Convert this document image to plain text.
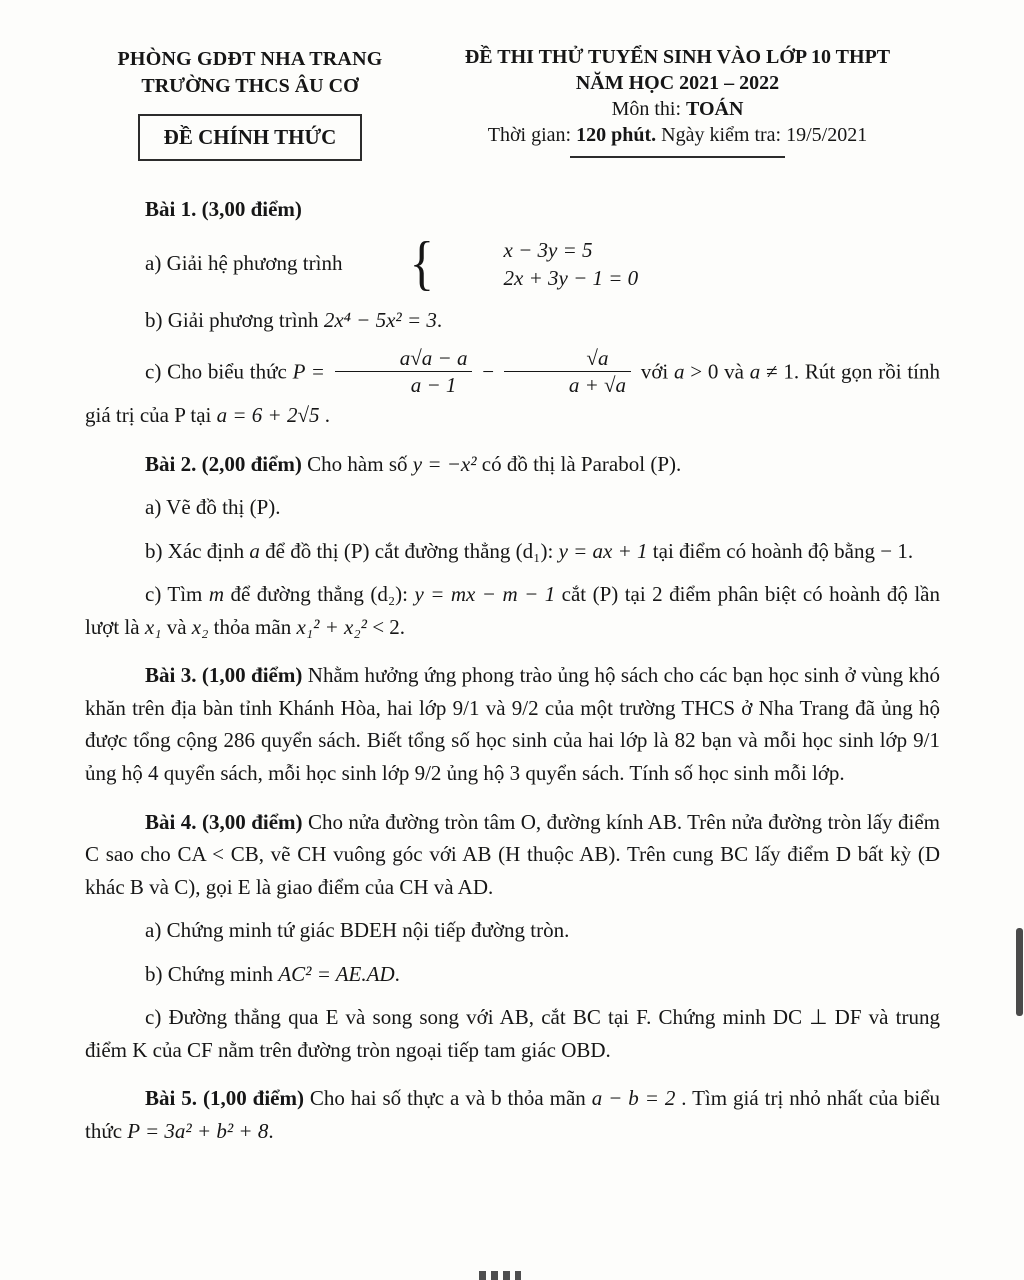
PHÒNG GDĐT NHA TRANG
TRƯỜNG THCS ÂU CƠ
ĐỀ CHÍNH THỨC
ĐỀ THI THỬ TUYỂN SINH VÀO LỚP 10 THPT
NĂM HỌC 2021 – 2022
Môn thi: TOÁN
Thời gian: 120 phút. Ngày kiểm tra: 19/5/2021

Bài 1. (3,00 điểm)

a) Giải hệ phương trình	{	x − 3y = 5
2x + 3y − 1 = 0

b) Giải phương trình 2x⁴ − 5x² = 3.

c) Cho biểu thức $P = \frac{a√a - a}{a - 1} - \frac{√a}{a + √a}$ với a > 0 và a ≠ 1. Rút gọn rồi tính giá trị của P tại a = 6 + 2√5 .

Bài 2. (2,00 điểm) Cho hàm số y = −x² có đồ thị là Parabol (P).

a) Vẽ đồ thị (P).

b) Xác định a để đồ thị (P) cắt đường thẳng (d₁): y = ax + 1 tại điểm có hoành độ bằng − 1.

c) Tìm m để đường thẳng (d₂): y = mx − m − 1 cắt (P) tại 2 điểm phân biệt có hoành độ lần lượt là x₁ và x₂ thỏa mãn x₁² + x₂² < 2.

Bài 3. (1,00 điểm) Nhằm hưởng ứng phong trào ủng hộ sách cho các bạn học sinh ở vùng khó khăn trên địa bàn tỉnh Khánh Hòa, hai lớp 9/1 và 9/2 của một trường THCS ở Nha Trang đã ủng hộ được tổng cộng 286 quyển sách. Biết tổng số học sinh của hai lớp là 82 bạn và mỗi học sinh lớp 9/1 ủng hộ 4 quyển sách, mỗi học sinh lớp 9/2 ủng hộ 3 quyển sách. Tính số học sinh mỗi lớp.

Bài 4. (3,00 điểm) Cho nửa đường tròn tâm O, đường kính AB. Trên nửa đường tròn lấy điểm C sao cho CA < CB, vẽ CH vuông góc với AB (H thuộc AB). Trên cung BC lấy điểm D bất kỳ (D khác B và C), gọi E là giao điểm của CH và AD.

a) Chứng minh tứ giác BDEH nội tiếp đường tròn.

b) Chứng minh AC² = AE.AD.

c) Đường thẳng qua E và song song với AB, cắt BC tại F. Chứng minh DC ⊥ DF và trung điểm K của CF nằm trên đường tròn ngoại tiếp tam giác OBD.

Bài 5. (1,00 điểm) Cho hai số thực a và b thỏa mãn a − b = 2 . Tìm giá trị nhỏ nhất của biểu thức P = 3a² + b² + 8.
